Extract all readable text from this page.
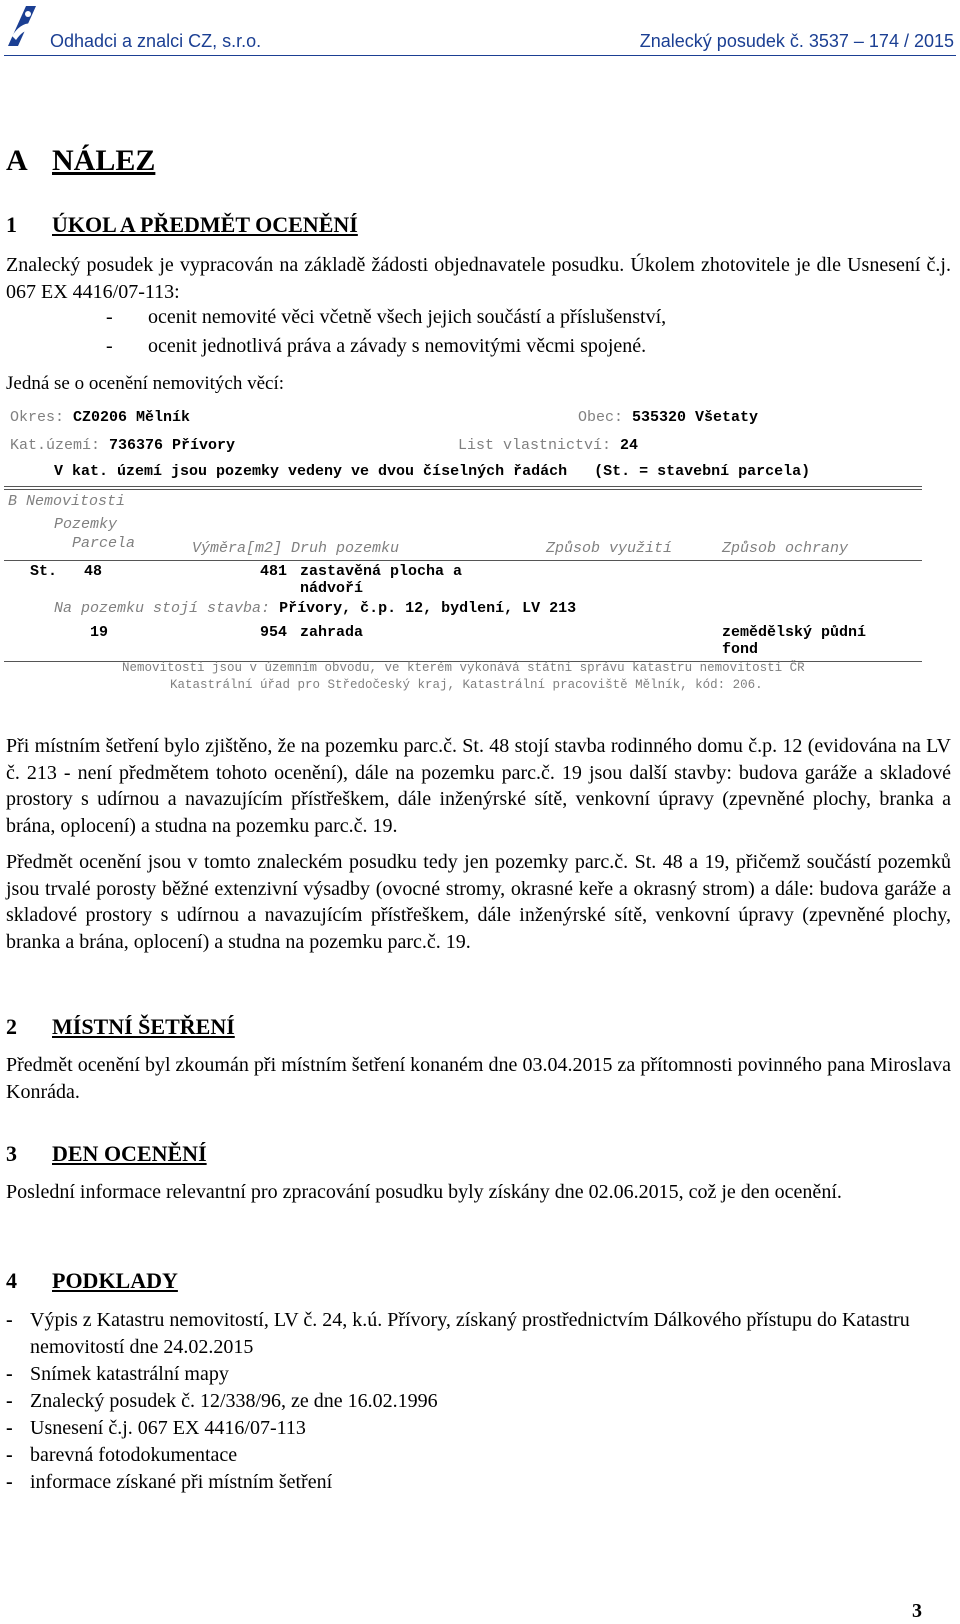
Odhadci a znalci CZ, s.r.o.	Znalecký posudek č. 3537 – 174 / 2015
A NÁLEZ
1 ÚKOL A PŘEDMĚT OCENĚNÍ
Znalecký posudek je vypracován na základě žádosti objednavatele posudku. Úkolem zhotovitele je dle Usnesení č.j. 067 EX 4416/07-113:
- ocenit nemovité věci včetně všech jejich součástí a příslušenství,
- ocenit jednotlivá práva a závady s nemovitými věcmi spojené.
Jedná se o ocenění nemovitých věcí:
Okres: CZ0206 Mělník	Obec: 535320 Všetaty
Kat.území: 736376 Přívory	List vlastnictví: 24
V kat. území jsou pozemky vedeny ve dvou číselných řadách   (St. = stavební parcela)
B Nemovitosti
Pozemky
Parcela	Výměra[m2] Druh pozemku	Způsob využití	Způsob ochrany
St.   48	481 zastavěná plocha a
nádvoří
Na pozemku stojí stavba: Přívory, č.p. 12, bydlení, LV 213
19	954 zahrada	zemědělský půdní
fond
Nemovitosti jsou v územním obvodu, ve kterém vykonává státní správu katastru nemovitostí ČR
Katastrální úřad pro Středočeský kraj, Katastrální pracoviště Mělník, kód: 206.
Při místním šetření bylo zjištěno, že na pozemku parc.č. St. 48 stojí stavba rodinného domu č.p. 12 (evidována na LV č. 213 - není předmětem tohoto ocenění), dále na pozemku parc.č. 19 jsou další stavby: budova garáže a skladové prostory s udírnou a navazujícím přístřeškem, dále inženýrské sítě, venkovní úpravy (zpevněné plochy, branka a brána, oplocení) a studna na pozemku parc.č. 19.
Předmět ocenění jsou v tomto znaleckém posudku tedy jen pozemky parc.č. St. 48 a 19, přičemž součástí pozemků jsou trvalé porosty běžné extenzivní výsadby (ovocné stromy, okrasné keře a okrasný strom) a dále: budova garáže a skladové prostory s udírnou a navazujícím přístřeškem, dále inženýrské sítě, venkovní úpravy (zpevněné plochy, branka a brána, oplocení) a studna na pozemku parc.č. 19.
2 MÍSTNÍ ŠETŘENÍ
Předmět ocenění byl zkoumán při místním šetření konaném dne 03.04.2015 za přítomnosti povinného pana Miroslava Konráda.
3 DEN OCENĚNÍ
Poslední informace relevantní pro zpracování posudku byly získány dne 02.06.2015, což je den ocenění.
4 PODKLADY
- Výpis z Katastru nemovitostí, LV č. 24, k.ú. Přívory, získaný prostřednictvím Dálkového přístupu do Katastru nemovitostí dne 24.02.2015
- Snímek katastrální mapy
- Znalecký posudek č. 12/338/96, ze dne 16.02.1996
- Usnesení č.j. 067 EX 4416/07-113
- barevná fotodokumentace
- informace získané při místním šetření
3
